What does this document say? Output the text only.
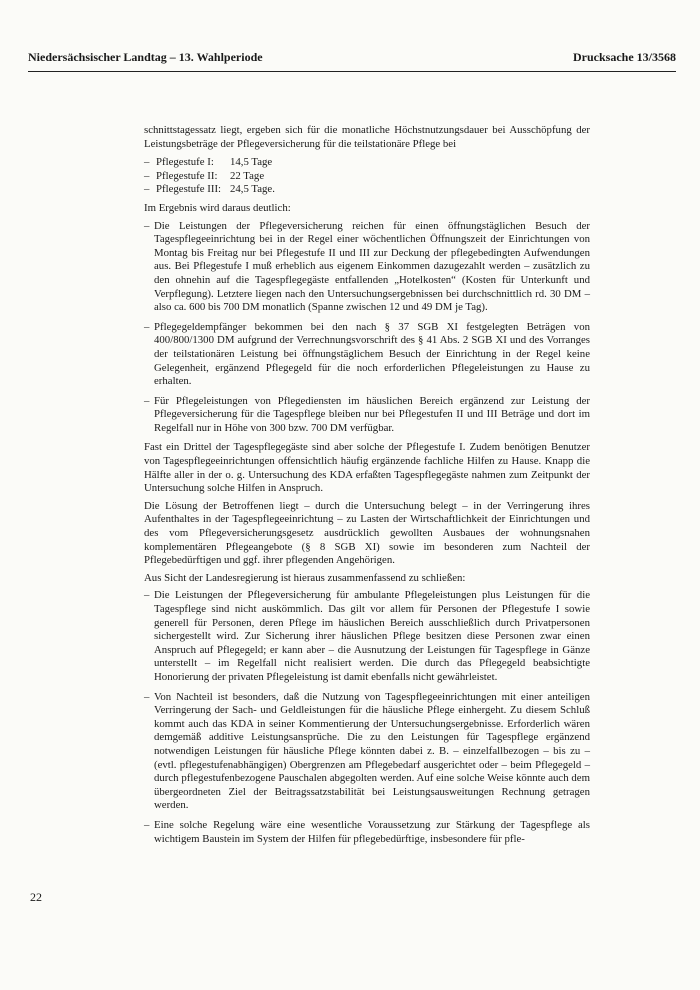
Niedersächsischer Landtag – 13. Wahlperiode	Drucksache 13/3568

schnittstagessatz liegt, ergeben sich für die monatliche Höchstnutzungsdauer bei Ausschöpfung der Leistungsbeträge der Pflegeversicherung für die teilstationäre Pflege bei

– Pflegestufe I:	14,5 Tage
– Pflegestufe II:	22 Tage
– Pflegestufe III: 24,5 Tage.

Im Ergebnis wird daraus deutlich:

– Die Leistungen der Pflegeversicherung reichen für einen öffnungstäglichen Besuch der Tagespflegeeinrichtung bei in der Regel einer wöchentlichen Öffnungszeit der Einrichtungen von Montag bis Freitag nur bei Pflegestufe II und III zur Deckung der pflegebedingten Aufwendungen aus. Bei Pflegestufe I muß erheblich aus eigenem Einkommen dazugezahlt werden – zusätzlich zu den ohnehin auf die Tagespflegegäste entfallenden „Hotelkosten“ (Kosten für Unterkunft und Verpflegung). Letztere liegen nach den Untersuchungsergebnissen bei durchschnittlich rd. 30 DM – also ca. 600 bis 700 DM monatlich (Spanne zwischen 12 und 49 DM je Tag).
– Pflegegeldempfänger bekommen bei den nach § 37 SGB XI festgelegten Beträgen von 400/800/1300 DM aufgrund der Verrechnungsvorschrift des § 41 Abs. 2 SGB XI und des Vorranges der teilstationären Leistung bei öffnungstäglichem Besuch der Einrichtung in der Regel keine Gelegenheit, ergänzend Pflegegeld für die noch erforderlichen Pflegeleistungen zu Hause zu erhalten.
– Für Pflegeleistungen von Pflegediensten im häuslichen Bereich ergänzend zur Leistung der Pflegeversicherung für die Tagespflege bleiben nur bei Pflegestufen II und III Beträge und dort im Regelfall nur in Höhe von 300 bzw. 700 DM verfügbar.

Fast ein Drittel der Tagespflegegäste sind aber solche der Pflegestufe I. Zudem benötigen Benutzer von Tagespflegeeinrichtungen offensichtlich häufig ergänzende fachliche Hilfen zu Hause. Knapp die Hälfte aller in der o. g. Untersuchung des KDA erfaßten Tagespflegegäste nahmen zum Zeitpunkt der Untersuchung solche Hilfen in Anspruch.

Die Lösung der Betroffenen liegt – durch die Untersuchung belegt – in der Verringerung ihres Aufenthaltes in der Tagespflegeeinrichtung – zu Lasten der Wirtschaftlichkeit der Einrichtungen und des vom Pflegeversicherungsgesetz ausdrücklich gewollten Ausbaues der wohnungsnahen komplementären Pflegeangebote (§ 8 SGB XI) sowie im besonderen zum Nachteil der Pflegebedürftigen und ggf. ihrer pflegenden Angehörigen.

Aus Sicht der Landesregierung ist hieraus zusammenfassend zu schließen:

– Die Leistungen der Pflegeversicherung für ambulante Pflegeleistungen plus Leistungen für die Tagespflege sind nicht auskömmlich. Das gilt vor allem für Personen der Pflegestufe I sowie generell für Personen, deren Pflege im häuslichen Bereich ausschließlich durch Privatpersonen sichergestellt wird. Zur Sicherung ihrer häuslichen Pflege besitzen diese Personen zwar einen Anspruch auf Pflegegeld; er kann aber – die Ausnutzung der Leistungen für Tagespflege in Gänze unterstellt – im Regelfall nicht realisiert werden. Die durch das Pflegegeld beabsichtigte Honorierung der privaten Pflegeleistung ist damit ebenfalls nicht gewährleistet.
– Von Nachteil ist besonders, daß die Nutzung von Tagespflegeeinrichtungen mit einer anteiligen Verringerung der Sach- und Geldleistungen für die häusliche Pflege einhergeht. Zu diesem Schluß kommt auch das KDA in seiner Kommentierung der Untersuchungsergebnisse. Erforderlich wären demgemäß additive Leistungsansprüche. Die zu den Leistungen für Tagespflege ergänzend notwendigen Leistungen für häusliche Pflege könnten dabei z. B. – einzelfallbezogen – bis zu – (evtl. pflegestufenabhängigen) Obergrenzen am Pflegebedarf ausgerichtet oder – beim Pflegegeld – durch pflegestufenbezogene Pauschalen abgegolten werden. Auf eine solche Weise könnte auch dem übergeordneten Ziel der Beitragssatzstabilität bei Leistungsausweitungen Rechnung getragen werden.
– Eine solche Regelung wäre eine wesentliche Voraussetzung zur Stärkung der Tagespflege als wichtigem Baustein im System der Hilfen für pflegebedürftige, insbesondere für pfle-
22
